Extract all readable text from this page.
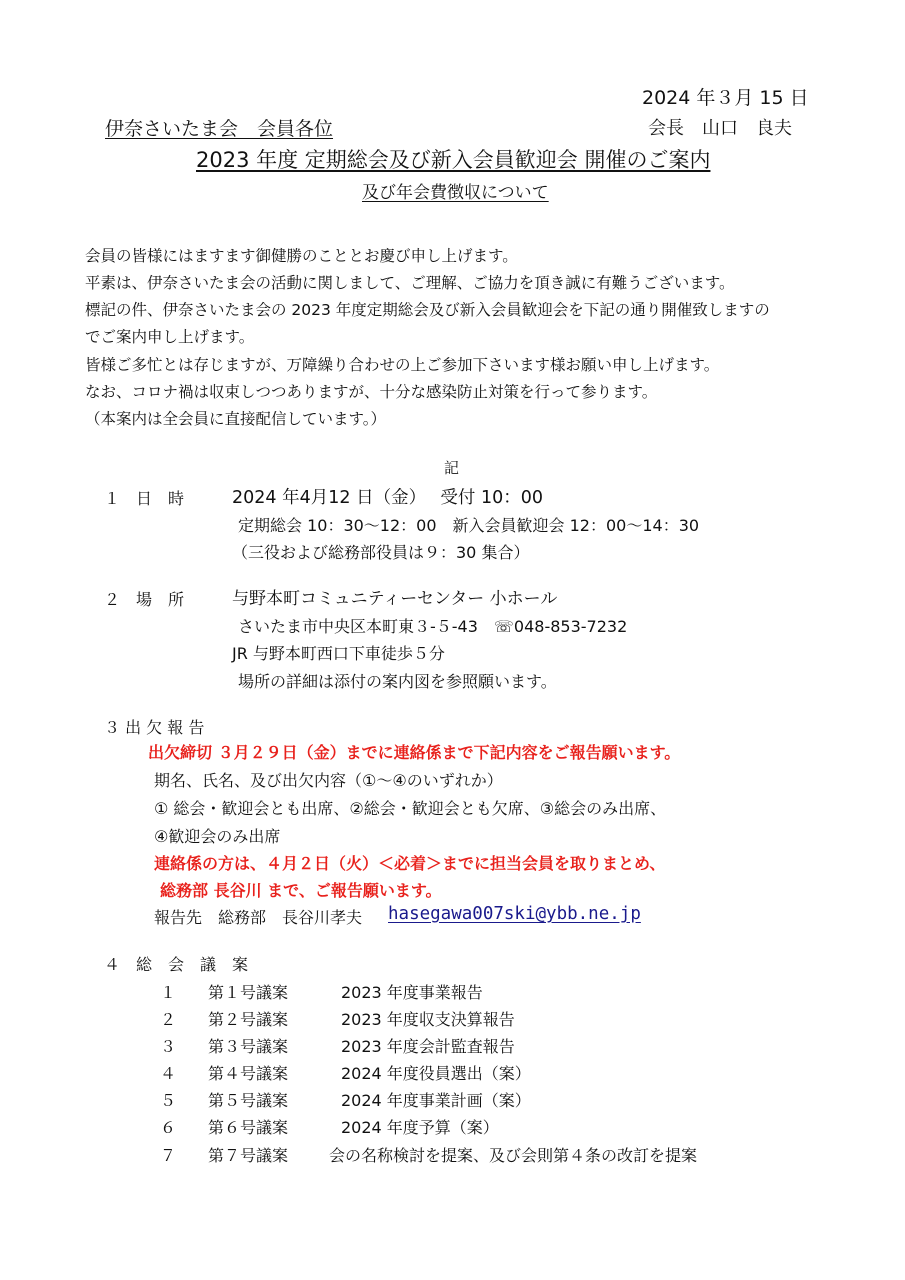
2024 年３月 15 日
伊奈さいたま会　会員各位	会長　山口　良夫
2023 年度 定期総会及び新入会員歓迎会 開催のご案内
及び年会費徴収について
会員の皆様にはますます御健勝のこととお慶び申し上げます。
平素は、伊奈さいたま会の活動に関しまして、ご理解、ご協力を頂き誠に有難うございます。
標記の件、伊奈さいたま会の 2023 年度定期総会及び新入会員歓迎会を下記の通り開催致しますの
でご案内申し上げます。
皆様ご多忙とは存じますが、万障繰り合わせの上ご参加下さいます様お願い申し上げます。
なお、コロナ禍は収束しつつありますが、十分な感染防止対策を行って参ります。
（本案内は全会員に直接配信しています。）
記
１　日　時	2024 年4月12 日（金）　 受付 10：00
定期総会 10：30～12：00　新入会員歓迎会 12：00～14：30
（三役および総務部役員は９：30 集合）
２　場　所	与野本町コミュニティーセンター 小ホール
さいたま市中央区本町東３-５-43　☏048-853-7232
JR 与野本町西口下車徒歩５分
場所の詳細は添付の案内図を参照願います。
３ 出 欠 報 告
出欠締切 ３月２９日（金）までに連絡係まで下記内容をご報告願います。
期名、氏名、及び出欠内容（①～④のいずれか）
① 総会・歓迎会とも出席、②総会・歓迎会とも欠席、③総会のみ出席、
④歓迎会のみ出席
連絡係の方は、４月２日（火）＜必着＞までに担当会員を取りまとめ、
総務部 長谷川 まで、ご報告願います。
報告先　総務部　長谷川孝夫 hasegawa007ski@ybb.ne.jp
４　総　会　議　案
１ 第１号議案	2023 年度事業報告
２ 第２号議案	2023 年度収支決算報告
３ 第３号議案	2023 年度会計監査報告
４ 第４号議案	2024 年度役員選出（案）
５ 第５号議案	2024 年度事業計画（案）
６ 第６号議案	2024 年度予算（案）
７ 第７号議案	会の名称検討を提案、及び会則第４条の改訂を提案
